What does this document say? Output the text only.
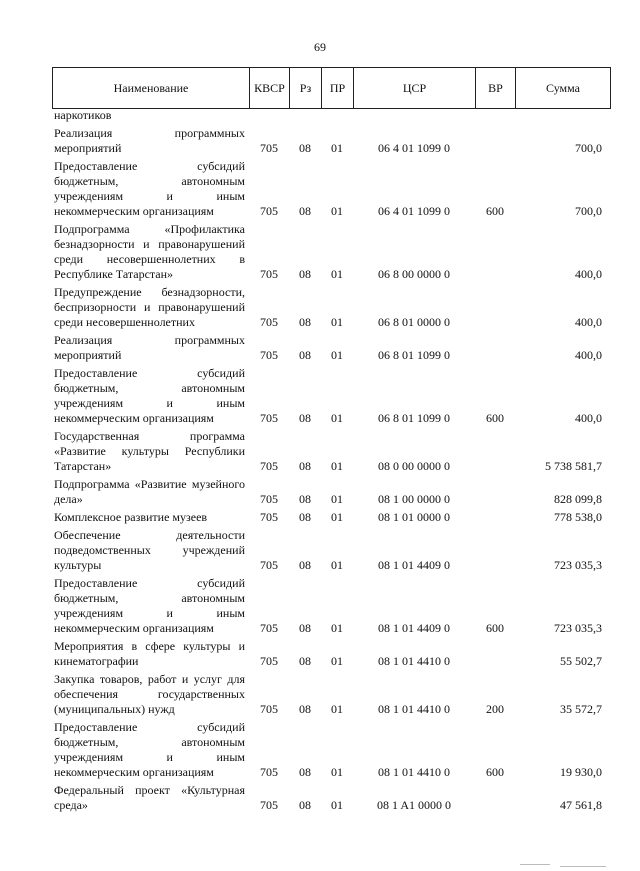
69
Наименование	КВСР	Рз	ПР	ЦСР	ВР	Сумма
наркотиков						
Реализация программных мероприятий	705	08	01	06 4 01 1099 0		700,0
Предоставление субсидий бюджетным, автономным учреждениям и иным некоммерческим организациям	705	08	01	06 4 01 1099 0	600	700,0
Подпрограмма «Профилактика безнадзорности и правонарушений среди несовершеннолетних в Республике Татарстан»	705	08	01	06 8 00 0000 0		400,0
Предупреждение безнадзорности, беспризорности и правонарушений среди несовершеннолетних	705	08	01	06 8 01 0000 0		400,0
Реализация программных мероприятий	705	08	01	06 8 01 1099 0		400,0
Предоставление субсидий бюджетным, автономным учреждениям и иным некоммерческим организациям	705	08	01	06 8 01 1099 0	600	400,0
Государственная программа «Развитие культуры Республики Татарстан»	705	08	01	08 0 00 0000 0		5 738 581,7
Подпрограмма «Развитие музейного дела»	705	08	01	08 1 00 0000 0		828 099,8
Комплексное развитие музеев	705	08	01	08 1 01 0000 0		778 538,0
Обеспечение деятельности подведомственных учреждений культуры	705	08	01	08 1 01 4409 0		723 035,3
Предоставление субсидий бюджетным, автономным учреждениям и иным некоммерческим организациям	705	08	01	08 1 01 4409 0	600	723 035,3
Мероприятия в сфере культуры и кинематографии	705	08	01	08 1 01 4410 0		55 502,7
Закупка товаров, работ и услуг для обеспечения государственных (муниципальных) нужд	705	08	01	08 1 01 4410 0	200	35 572,7
Предоставление субсидий бюджетным, автономным учреждениям и иным некоммерческим организациям	705	08	01	08 1 01 4410 0	600	19 930,0
Федеральный проект «Культурная среда»	705	08	01	08 1 A1 0000 0		47 561,8
